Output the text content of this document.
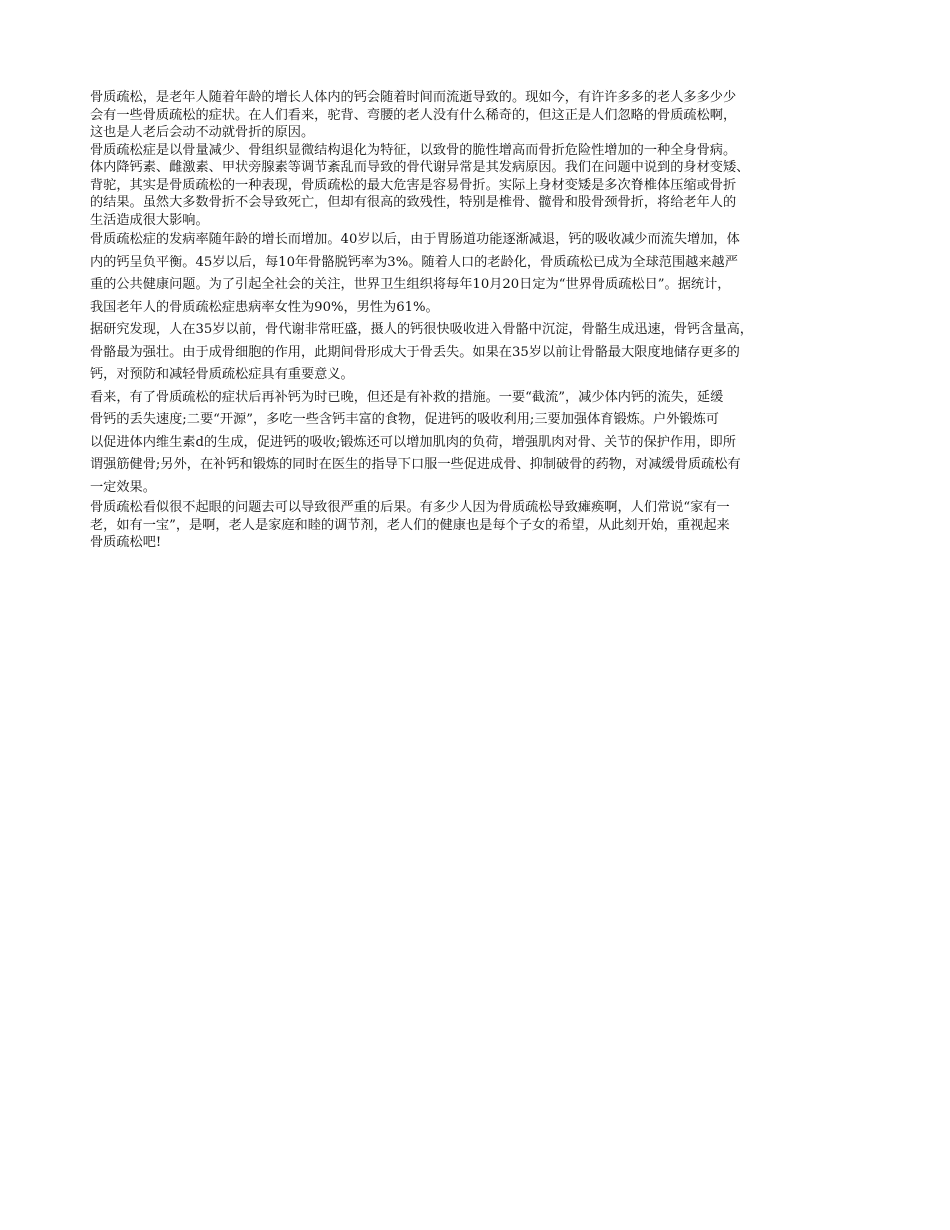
骨质疏松，是老年人随着年龄的增长人体内的钙会随着时间而流逝导致的。现如今，有许许多多的老人多多少少
会有一些骨质疏松的症状。在人们看来，驼背、弯腰的老人没有什么稀奇的，但这正是人们忽略的骨质疏松啊，
这也是人老后会动不动就骨折的原因。
骨质疏松症是以骨量减少、骨组织显微结构退化为特征，以致骨的脆性增高而骨折危险性增加的一种全身骨病。
体内降钙素、雌激素、甲状旁腺素等调节紊乱而导致的骨代谢异常是其发病原因。我们在问题中说到的身材变矮、
背驼，其实是骨质疏松的一种表现，骨质疏松的最大危害是容易骨折。实际上身材变矮是多次脊椎体压缩或骨折
的结果。虽然大多数骨折不会导致死亡，但却有很高的致残性，特别是椎骨、髋骨和股骨颈骨折，将给老年人的
生活造成很大影响。
骨质疏松症的发病率随年龄的增长而增加。40岁以后，由于胃肠道功能逐渐减退，钙的吸收减少而流失增加，体
内的钙呈负平衡。45岁以后，每10年骨骼脱钙率为3%。随着人口的老龄化，骨质疏松已成为全球范围越来越严
重的公共健康问题。为了引起全社会的关注，世界卫生组织将每年10月20日定为“世界骨质疏松日”。据统计，
我国老年人的骨质疏松症患病率女性为90%，男性为61%。
据研究发现，人在35岁以前，骨代谢非常旺盛，摄人的钙很快吸收进入骨骼中沉淀，骨骼生成迅速，骨钙含量高，
骨骼最为强壮。由于成骨细胞的作用，此期间骨形成大于骨丢失。如果在35岁以前让骨骼最大限度地储存更多的
钙，对预防和减轻骨质疏松症具有重要意义。
看来，有了骨质疏松的症状后再补钙为时已晚，但还是有补救的措施。一要“截流”，减少体内钙的流失，延缓
骨钙的丢失速度;二要“开源”，多吃一些含钙丰富的食物，促进钙的吸收利用;三要加强体育锻炼。户外锻炼可
以促进体内维生素d的生成，促进钙的吸收;锻炼还可以增加肌肉的负荷，增强肌肉对骨、关节的保护作用，即所
谓强筋健骨;另外，在补钙和锻炼的同时在医生的指导下口服一些促进成骨、抑制破骨的药物，对减缓骨质疏松有
一定效果。
骨质疏松看似很不起眼的问题去可以导致很严重的后果。有多少人因为骨质疏松导致瘫痪啊，人们常说“家有一
老，如有一宝”，是啊，老人是家庭和睦的调节剂，老人们的健康也是每个子女的希望，从此刻开始，重视起来
骨质疏松吧!
